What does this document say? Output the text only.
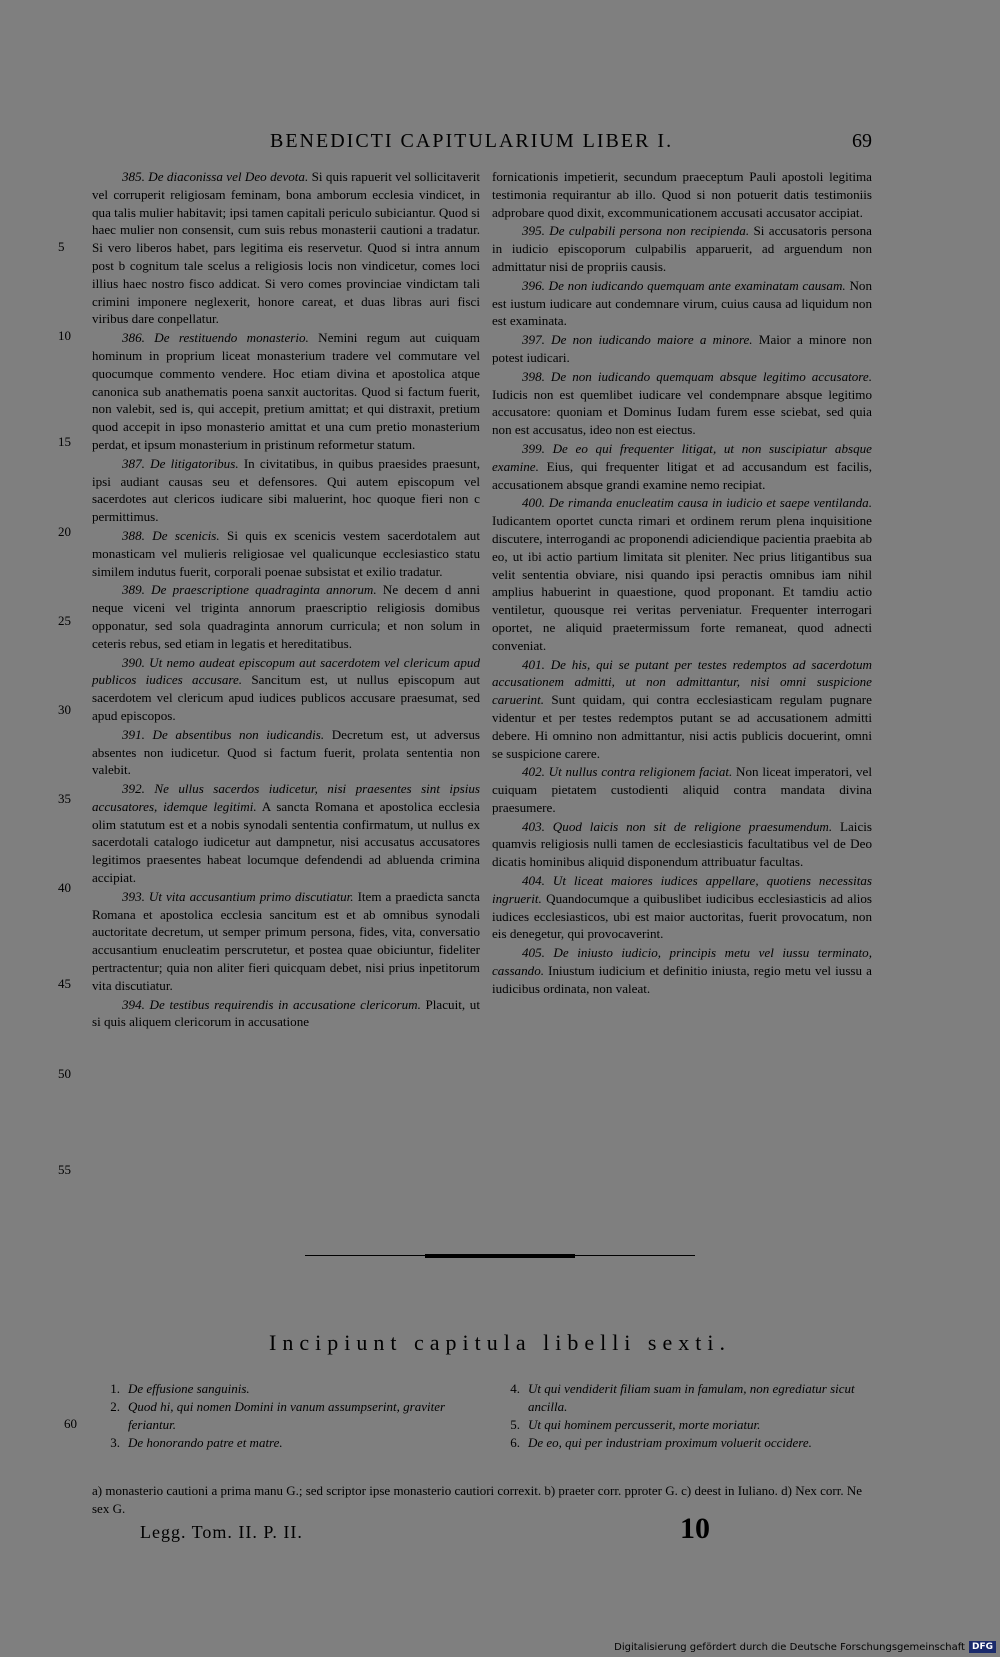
BENEDICTI CAPITULARIUM LIBER I.	69
5
10
15
20
25
30
35
40
45
50
55

385. De diaconissa vel Deo devota. Si quis rapuerit vel sollicitaverit vel corruperit religiosam feminam, bona amborum ecclesia vindicet, in qua talis mulier habitavit; ipsi tamen capitali periculo subiciantur. Quod si haec mulier non consensit, cum suis rebus monasterii cautioni a tradatur. Si vero liberos habet, pars legitima eis reservetur. Quod si intra annum post b cognitum tale scelus a religiosis locis non vindicetur, comes loci illius haec nostro fisco addicat. Si vero comes provinciae vindictam tali crimini imponere neglexerit, honore careat, et duas libras auri fisci viribus dare conpellatur.

386. De restituendo monasterio. Nemini regum aut cuiquam hominum in proprium liceat monasterium tradere vel commutare vel quocumque commento vendere. Hoc etiam divina et apostolica atque canonica sub anathematis poena sanxit auctoritas. Quod si factum fuerit, non valebit, sed is, qui accepit, pretium amittat; et qui distraxit, pretium quod accepit in ipso monasterio amittat et una cum pretio monasterium perdat, et ipsum monasterium in pristinum reformetur statum.

387. De litigatoribus. In civitatibus, in quibus praesides praesunt, ipsi audiant causas seu et defensores. Qui autem episcopum vel sacerdotes aut clericos iudicare sibi maluerint, hoc quoque fieri non c permittimus.

388. De scenicis. Si quis ex scenicis vestem sacerdotalem aut monasticam vel mulieris religiosae vel qualicunque ecclesiastico statu similem indutus fuerit, corporali poenae subsistat et exilio tradatur.

389. De praescriptione quadraginta annorum. Ne decem d anni neque viceni vel triginta annorum praescriptio religiosis domibus opponatur, sed sola quadraginta annorum curricula; et non solum in ceteris rebus, sed etiam in legatis et hereditatibus.

390. Ut nemo audeat episcopum aut sacerdotem vel clericum apud publicos iudices accusare. Sancitum est, ut nullus episcopum aut sacerdotem vel clericum apud iudices publicos accusare praesumat, sed apud episcopos.

391. De absentibus non iudicandis. Decretum est, ut adversus absentes non iudicetur. Quod si factum fuerit, prolata sententia non valebit.

392. Ne ullus sacerdos iudicetur, nisi praesentes sint ipsius accusatores, idemque legitimi. A sancta Romana et apostolica ecclesia olim statutum est et a nobis synodali sententia confirmatum, ut nullus ex sacerdotali catalogo iudicetur aut dampnetur, nisi accusatus accusatores legitimos praesentes habeat locumque defendendi ad abluenda crimina accipiat.

393. Ut vita accusantium primo discutiatur. Item a praedicta sancta Romana et apostolica ecclesia sancitum est et ab omnibus synodali auctoritate decretum, ut semper primum persona, fides, vita, conversatio accusantium enucleatim perscrutetur, et postea quae obiciuntur, fideliter pertractentur; quia non aliter fieri quicquam debet, nisi prius inpetitorum vita discutiatur.

394. De testibus requirendis in accusatione clericorum. Placuit, ut si quis aliquem clericorum in accusatione

fornicationis impetierit, secundum praeceptum Pauli apostoli legitima testimonia requirantur ab illo. Quod si non potuerit datis testimoniis adprobare quod dixit, excommunicationem accusati accusator accipiat.

395. De culpabili persona non recipienda. Si accusatoris persona in iudicio episcoporum culpabilis apparuerit, ad arguendum non admittatur nisi de propriis causis.

396. De non iudicando quemquam ante examinatam causam. Non est iustum iudicare aut condemnare virum, cuius causa ad liquidum non est examinata.

397. De non iudicando maiore a minore. Maior a minore non potest iudicari.

398. De non iudicando quemquam absque legitimo accusatore. Iudicis non est quemlibet iudicare vel condempnare absque legitimo accusatore: quoniam et Dominus Iudam furem esse sciebat, sed quia non est accusatus, ideo non est eiectus.

399. De eo qui frequenter litigat, ut non suscipiatur absque examine. Eius, qui frequenter litigat et ad accusandum est facilis, accusationem absque grandi examine nemo recipiat.

400. De rimanda enucleatim causa in iudicio et saepe ventilanda. Iudicantem oportet cuncta rimari et ordinem rerum plena inquisitione discutere, interrogandi ac proponendi adiciendique pacientia praebita ab eo, ut ibi actio partium limitata sit pleniter. Nec prius litigantibus sua velit sententia obviare, nisi quando ipsi peractis omnibus iam nihil amplius habuerint in quaestione, quod proponant. Et tamdiu actio ventiletur, quousque rei veritas perveniatur. Frequenter interrogari oportet, ne aliquid praetermissum forte remaneat, quod adnecti conveniat.

401. De his, qui se putant per testes redemptos ad sacerdotum accusationem admitti, ut non admittantur, nisi omni suspicione caruerint. Sunt quidam, qui contra ecclesiasticam regulam pugnare videntur et per testes redemptos putant se ad accusationem admitti debere. Hi omnino non admittantur, nisi actis publicis docuerint, omni se suspicione carere.

402. Ut nullus contra religionem faciat. Non liceat imperatori, vel cuiquam pietatem custodienti aliquid contra mandata divina praesumere.

403. Quod laicis non sit de religione praesumendum. Laicis quamvis religiosis nulli tamen de ecclesiasticis facultatibus vel de Deo dicatis hominibus aliquid disponendum attribuatur facultas.

404. Ut liceat maiores iudices appellare, quotiens necessitas ingruerit. Quandocumque a quibuslibet iudicibus ecclesiasticis ad alios iudices ecclesiasticos, ubi est maior auctoritas, fuerit provocatum, non eis denegetur, qui provocaverint.

405. De iniusto iudicio, principis metu vel iussu terminato, cassando. Iniustum iudicium et definitio iniusta, regio metu vel iussu a iudicibus ordinata, non valeat.

Incipiunt capitula libelli sexti.
1. De effusione sanguinis.
2. Quod hi, qui nomen Domini in vanum assumpserint, graviter feriantur.
3. De honorando patre et matre.
60
4. Ut qui vendiderit filiam suam in famulam, non egrediatur sicut ancilla.
5. Ut qui hominem percusserit, morte moriatur.
6. De eo, qui per industriam proximum voluerit occidere.
a) monasterio cautioni a prima manu G.; sed scriptor ipse monasterio cautiori correxit. b) praeter corr. pproter G. c) deest in Iuliano. d) Nex corr. Ne sex G.
Legg. Tom. II. P. II.	10
Digitalisierung gefördert durch die Deutsche Forschungsgemeinschaft DFG
